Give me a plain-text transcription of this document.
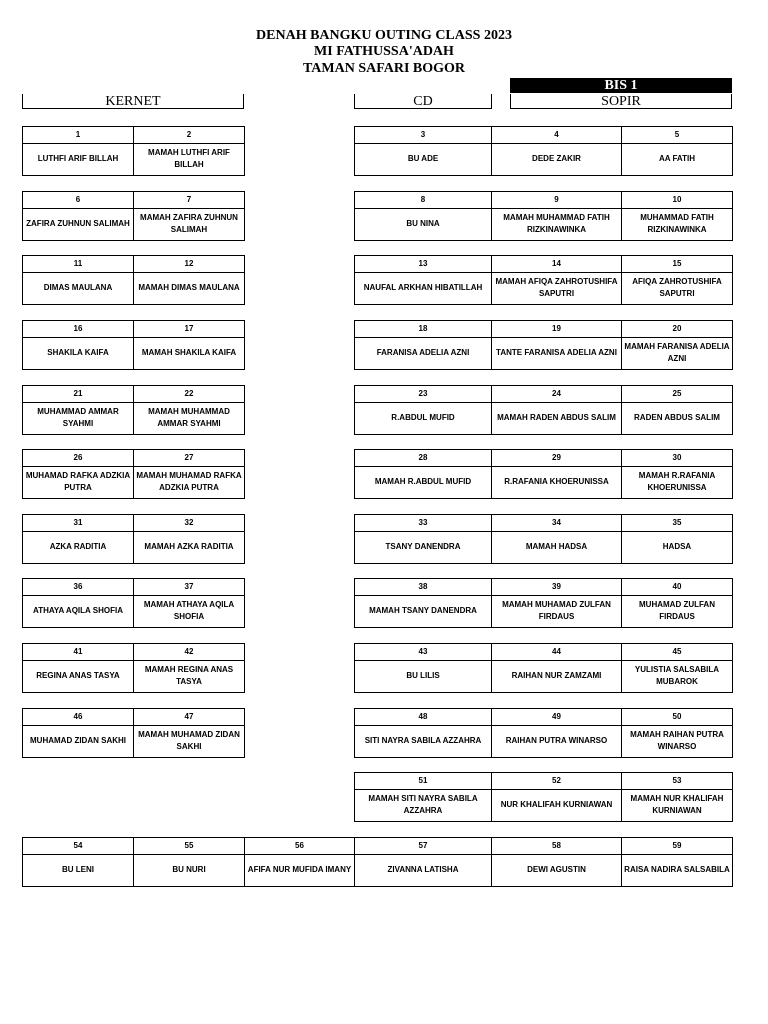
DENAH BANGKU OUTING CLASS 2023
MI FATHUSSA'ADAH
TAMAN SAFARI BOGOR
BIS 1
KERNET	CD	SOPIR
1
LUTHFI ARIF BILLAH
2
MAMAH LUTHFI ARIF BILLAH
3
BU ADE
4
DEDE ZAKIR
5
AA FATIH
6
ZAFIRA ZUHNUN SALIMAH
7
MAMAH ZAFIRA ZUHNUN SALIMAH
8
BU NINA
9
MAMAH MUHAMMAD FATIH RIZKINAWINKA
10
MUHAMMAD FATIH RIZKINAWINKA
11
DIMAS MAULANA
12
MAMAH DIMAS MAULANA
13
NAUFAL ARKHAN HIBATILLAH
14
MAMAH AFIQA ZAHROTUSHIFA SAPUTRI
15
AFIQA ZAHROTUSHIFA SAPUTRI
16
SHAKILA KAIFA
17
MAMAH SHAKILA KAIFA
18
FARANISA ADELIA AZNI
19
TANTE FARANISA ADELIA AZNI
20
MAMAH FARANISA ADELIA AZNI
21
MUHAMMAD AMMAR SYAHMI
22
MAMAH MUHAMMAD AMMAR SYAHMI
23
R.ABDUL MUFID
24
MAMAH RADEN ABDUS SALIM
25
RADEN ABDUS SALIM
26
MUHAMAD RAFKA ADZKIA PUTRA
27
MAMAH MUHAMAD RAFKA ADZKIA PUTRA
28
MAMAH R.ABDUL MUFID
29
R.RAFANIA KHOERUNISSA
30
MAMAH R.RAFANIA KHOERUNISSA
31
AZKA RADITIA
32
MAMAH AZKA RADITIA
33
TSANY DANENDRA
34
MAMAH HADSA
35
HADSA
36
ATHAYA AQILA SHOFIA
37
MAMAH ATHAYA AQILA SHOFIA
38
MAMAH TSANY DANENDRA
39
MAMAH MUHAMAD ZULFAN FIRDAUS
40
MUHAMAD ZULFAN FIRDAUS
41
REGINA ANAS TASYA
42
MAMAH REGINA ANAS TASYA
43
BU LILIS
44
RAIHAN NUR ZAMZAMI
45
YULISTIA SALSABILA MUBAROK
46
MUHAMAD ZIDAN SAKHI
47
MAMAH MUHAMAD ZIDAN SAKHI
48
SITI NAYRA SABILA AZZAHRA
49
RAIHAN PUTRA WINARSO
50
MAMAH RAIHAN PUTRA WINARSO
51
MAMAH SITI NAYRA SABILA AZZAHRA
52
NUR KHALIFAH KURNIAWAN
53
MAMAH NUR KHALIFAH KURNIAWAN
54
BU LENI
55
BU NURI
56
AFIFA NUR MUFIDA IMANY
57
ZIVANNA LATISHA
58
DEWI AGUSTIN
59
RAISA NADIRA SALSABILA
